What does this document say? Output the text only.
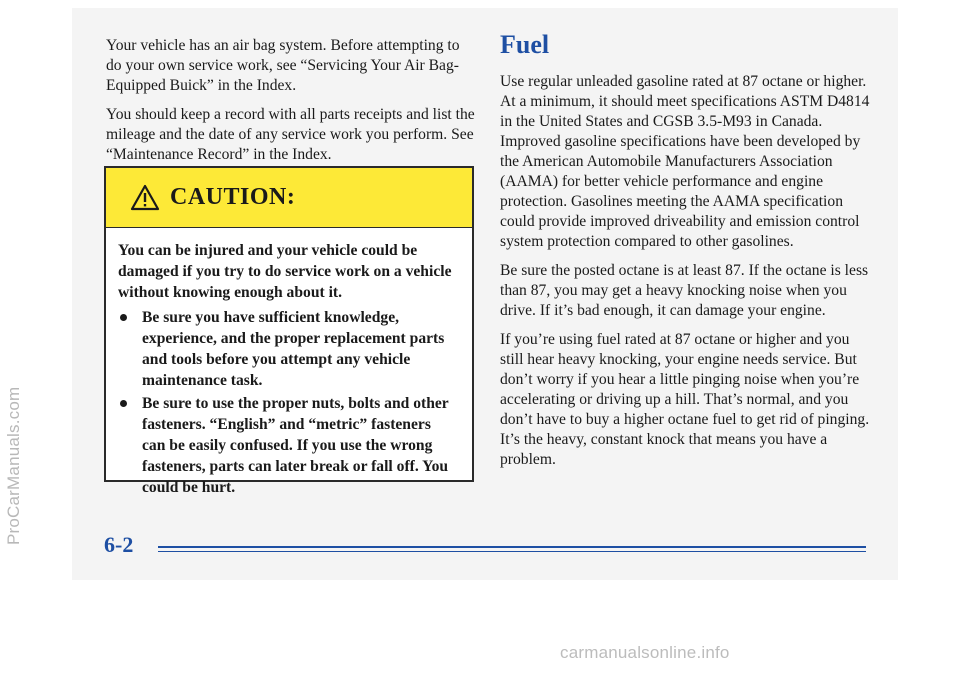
ProCarManuals.com

Your vehicle has an air bag system. Before attempting to do your own service work, see “Servicing Your Air Bag-Equipped Buick” in the Index.

You should keep a record with all parts receipts and list the mileage and the date of any service work you perform. See “Maintenance Record” in the Index.

CAUTION:

You can be injured and your vehicle could be damaged if you try to do service work on a vehicle without knowing enough about it.

Be sure you have sufficient knowledge, experience, and the proper replacement parts and tools before you attempt any vehicle maintenance task.
Be sure to use the proper nuts, bolts and other fasteners. “English” and “metric” fasteners can be easily confused. If you use the wrong fasteners, parts can later break or fall off. You could be hurt.
Fuel

Use regular unleaded gasoline rated at 87 octane or higher. At a minimum, it should meet specifications ASTM D4814 in the United States and CGSB 3.5-M93 in Canada. Improved gasoline specifications have been developed by the American Automobile Manufacturers Association (AAMA) for better vehicle performance and engine protection. Gasolines meeting the AAMA specification could provide improved driveability and emission control system protection compared to other gasolines.

Be sure the posted octane is at least 87. If the octane is less than 87, you may get a heavy knocking noise when you drive. If it’s bad enough, it can damage your engine.

If you’re using fuel rated at 87 octane or higher and you still hear heavy knocking, your engine needs service. But don’t worry if you hear a little pinging noise when you’re accelerating or driving up a hill. That’s normal, and you don’t have to buy a higher octane fuel to get rid of pinging. It’s the heavy, constant knock that means you have a problem.

6-2
carmanualsonline.info
